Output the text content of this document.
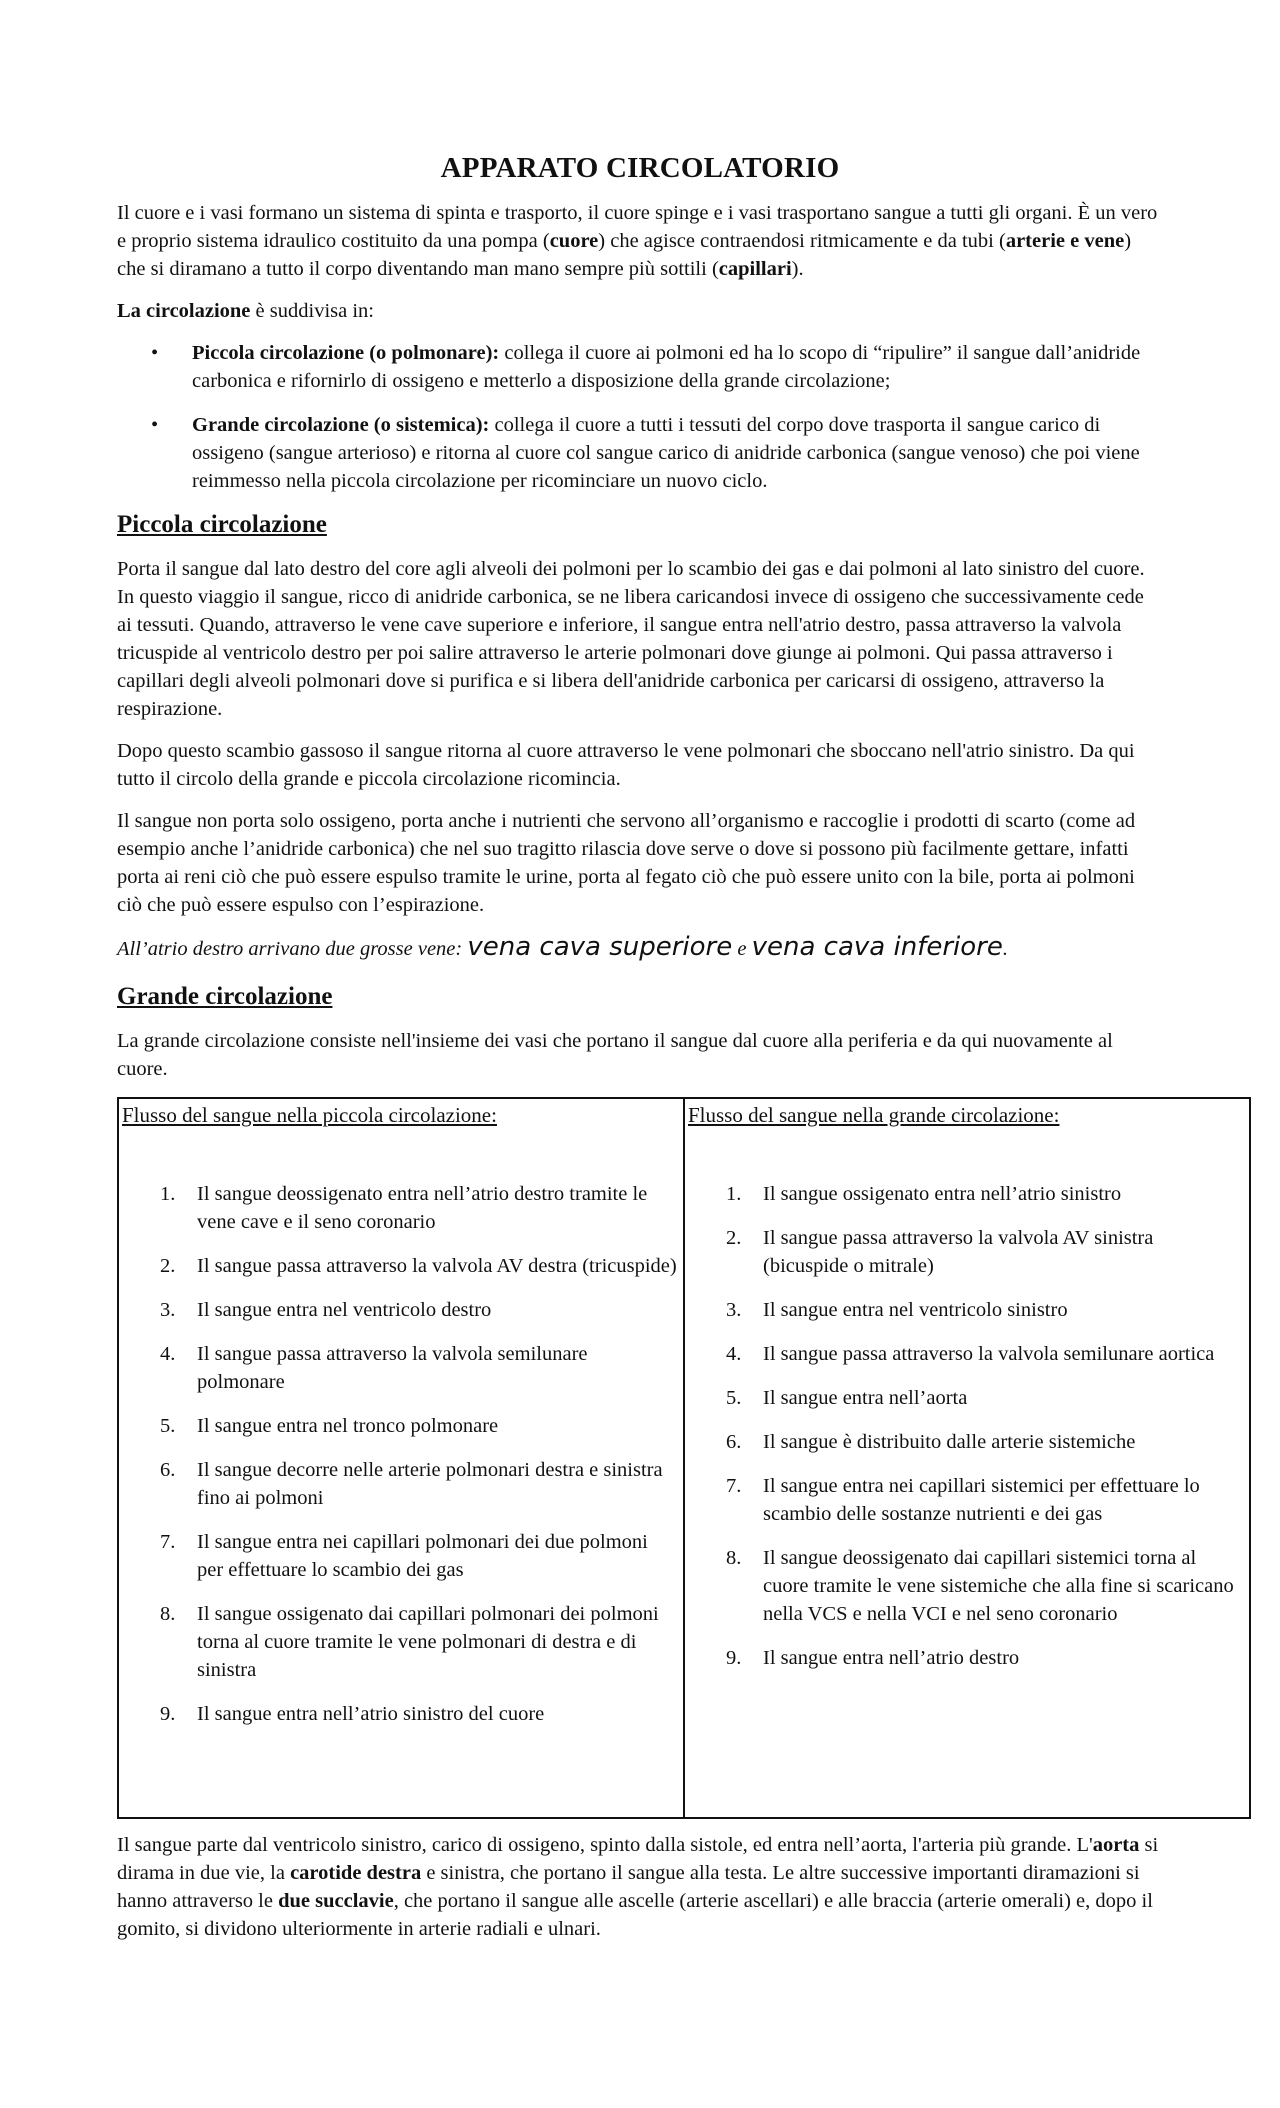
APPARATO CIRCOLATORIO

Il cuore e i vasi formano un sistema di spinta e trasporto, il cuore spinge e i vasi trasportano sangue a tutti gli organi. È un vero e proprio sistema idraulico costituito da una pompa (cuore) che agisce contraendosi ritmicamente e da tubi (arterie e vene) che si diramano a tutto il corpo diventando man mano sempre più sottili (capillari).

La circolazione è suddivisa in:

• Piccola circolazione (o polmonare): collega il cuore ai polmoni ed ha lo scopo di “ripulire” il sangue dall’anidride carbonica e rifornirlo di ossigeno e metterlo a disposizione della grande circolazione;
• Grande circolazione (o sistemica): collega il cuore a tutti i tessuti del corpo dove trasporta il sangue carico di ossigeno (sangue arterioso) e ritorna al cuore col sangue carico di anidride carbonica (sangue venoso) che poi viene reimmesso nella piccola circolazione per ricominciare un nuovo ciclo.
Piccola circolazione

Porta il sangue dal lato destro del core agli alveoli dei polmoni per lo scambio dei gas e dai polmoni al lato sinistro del cuore. In questo viaggio il sangue, ricco di anidride carbonica, se ne libera caricandosi invece di ossigeno che successivamente cede ai tessuti. Quando, attraverso le vene cave superiore e inferiore, il sangue entra nell'atrio destro, passa attraverso la valvola tricuspide al ventricolo destro per poi salire attraverso le arterie polmonari dove giunge ai polmoni. Qui passa attraverso i capillari degli alveoli polmonari dove si purifica e si libera dell'anidride carbonica per caricarsi di ossigeno, attraverso la respirazione.

Dopo questo scambio gassoso il sangue ritorna al cuore attraverso le vene polmonari che sboccano nell'atrio sinistro. Da qui tutto il circolo della grande e piccola circolazione ricomincia.

Il sangue non porta solo ossigeno, porta anche i nutrienti che servono all’organismo e raccoglie i prodotti di scarto (come ad esempio anche l’anidride carbonica) che nel suo tragitto rilascia dove serve o dove si possono più facilmente gettare, infatti porta ai reni ciò che può essere espulso tramite le urine, porta al fegato ciò che può essere unito con la bile, porta ai polmoni ciò che può essere espulso con l’espirazione.

All’atrio destro arrivano due grosse vene: vena cava superiore e vena cava inferiore.

Grande circolazione

La grande circolazione consiste nell'insieme dei vasi che portano il sangue dal cuore alla periferia e da qui nuovamente al cuore.

Flusso del sangue nella piccola circolazione:
1. Il sangue deossigenato entra nell’atrio destro tramite le vene cave e il seno coronario
2. Il sangue passa attraverso la valvola AV destra (tricuspide)
3. Il sangue entra nel ventricolo destro
4. Il sangue passa attraverso la valvola semilunare polmonare
5. Il sangue entra nel tronco polmonare
6. Il sangue decorre nelle arterie polmonari destra e sinistra fino ai polmoni
7. Il sangue entra nei capillari polmonari dei due polmoni per effettuare lo scambio dei gas
8. Il sangue ossigenato dai capillari polmonari dei polmoni torna al cuore tramite le vene polmonari di destra e di sinistra
9. Il sangue entra nell’atrio sinistro del cuore
Flusso del sangue nella grande circolazione:
1. Il sangue ossigenato entra nell’atrio sinistro
2. Il sangue passa attraverso la valvola AV sinistra (bicuspide o mitrale)
3. Il sangue entra nel ventricolo sinistro
4. Il sangue passa attraverso la valvola semilunare aortica
5. Il sangue entra nell’aorta
6. Il sangue è distribuito dalle arterie sistemiche
7. Il sangue entra nei capillari sistemici per effettuare lo scambio delle sostanze nutrienti e dei gas
8. Il sangue deossigenato dai capillari sistemici torna al cuore tramite le vene sistemiche che alla fine si scaricano nella VCS e nella VCI e nel seno coronario
9. Il sangue entra nell’atrio destro

Il sangue parte dal ventricolo sinistro, carico di ossigeno, spinto dalla sistole, ed entra nell’aorta, l'arteria più grande. L'aorta si dirama in due vie, la carotide destra e sinistra, che portano il sangue alla testa. Le altre successive importanti diramazioni si hanno attraverso le due succlavie, che portano il sangue alle ascelle (arterie ascellari) e alle braccia (arterie omerali) e, dopo il gomito, si dividono ulteriormente in arterie radiali e ulnari.
